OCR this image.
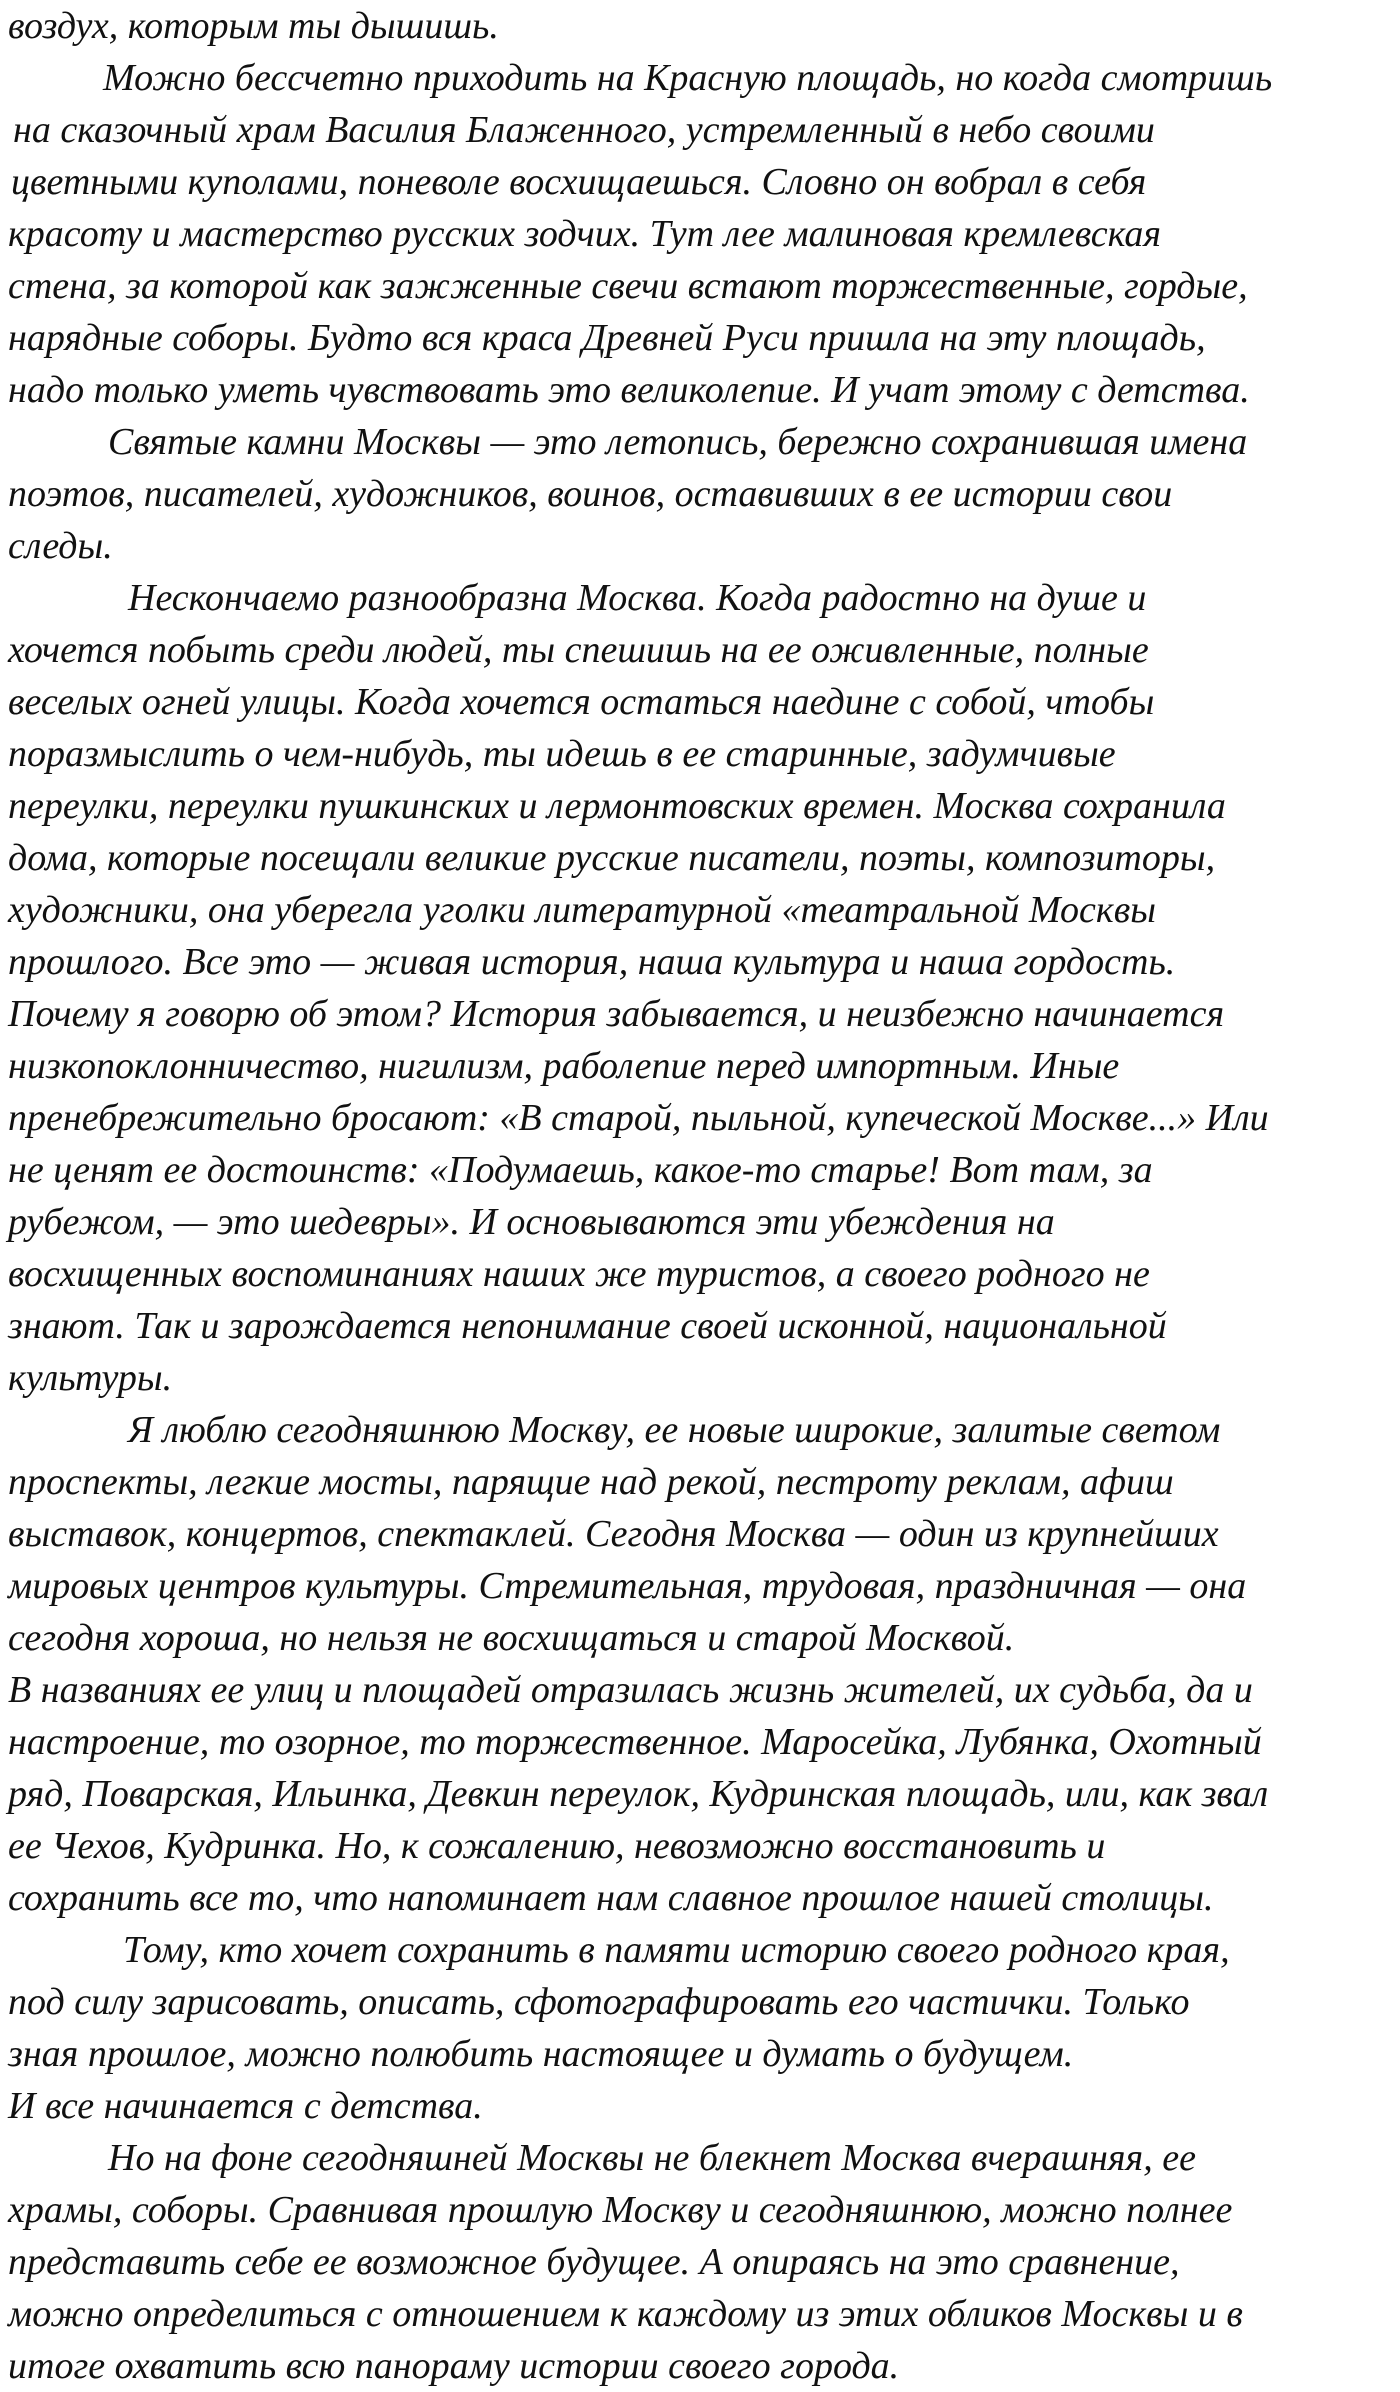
воздух, которым ты дышишь.
Можно бессчетно приходить на Красную площадь, но когда смотришь
на сказочный храм Василия Блаженного, устремленный в небо своими
цветными куполами, поневоле восхищаешься. Словно он вобрал в себя
красоту и мастерство русских зодчих. Тут лее малиновая кремлевская
стена, за которой как зажженные свечи встают торжественные, гордые,
нарядные соборы. Будто вся краса Древней Руси пришла на эту площадь,
надо только уметь чувствовать это великолепие. И учат этому с детства.
Святые камни Москвы — это летопись, бережно сохранившая имена
поэтов, писателей, художников, воинов, оставивших в ее истории свои
следы.
Нескончаемо разнообразна Москва. Когда радостно на душе и
хочется побыть среди людей, ты спешишь на ее оживленные, полные
веселых огней улицы. Когда хочется остаться наедине с собой, чтобы
поразмыслить о чем-нибудь, ты идешь в ее старинные, задумчивые
переулки, переулки пушкинских и лермонтовских времен. Москва сохранила
дома, которые посещали великие русские писатели, поэты, композиторы,
художники, она уберегла уголки литературной «театральной Москвы
прошлого. Все это — живая история, наша культура и наша гордость.
Почему я говорю об этом? История забывается, и неизбежно начинается
низкопоклонничество, нигилизм, раболепие перед импортным. Иные
пренебрежительно бросают: «В старой, пыльной, купеческой Москве...» Или
не ценят ее достоинств: «Подумаешь, какое-то старье! Вот там, за
рубежом, — это шедевры». И основываются эти убеждения на
восхищенных воспоминаниях наших же туристов, а своего родного не
знают. Так и зарождается непонимание своей исконной, национальной
культуры.
Я люблю сегодняшнюю Москву, ее новые широкие, залитые светом
проспекты, легкие мосты, парящие над рекой, пестроту реклам, афиш
выставок, концертов, спектаклей. Сегодня Москва — один из крупнейших
мировых центров культуры. Стремительная, трудовая, праздничная — она
сегодня хороша, но нельзя не восхищаться и старой Москвой.
В названиях ее улиц и площадей отразилась жизнь жителей, их судьба, да и
настроение, то озорное, то торжественное. Маросейка, Лубянка, Охотный
ряд, Поварская, Ильинка, Девкин переулок, Кудринская площадь, или, как звал
ее Чехов, Кудринка. Но, к сожалению, невозможно восстановить и
сохранить все то, что напоминает нам славное прошлое нашей столицы.
Тому, кто хочет сохранить в памяти историю своего родного края,
под силу зарисовать, описать, сфотографировать его частички. Только
зная прошлое, можно полюбить настоящее и думать о будущем.
И все начинается с детства.
Но на фоне сегодняшней Москвы не блекнет Москва вчерашняя, ее
храмы, соборы. Сравнивая прошлую Москву и сегодняшнюю, можно полнее
представить себе ее возможное будущее. А опираясь на это сравнение,
можно определиться с отношением к каждому из этих обликов Москвы и в
итоге охватить всю панораму истории своего города.
